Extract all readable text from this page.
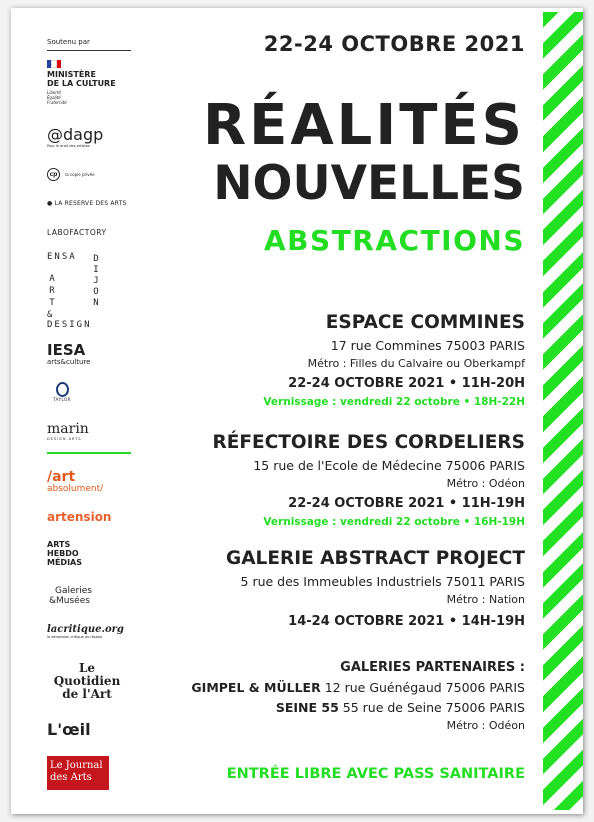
Soutenu par
MINISTÈRE
DE LA CULTURE
Liberté
Égalité
Fraternité
@dagp
Pour le droit des artistes
cp la copie privée
● LA RESERVE DES ARTS
LABOFACTORY
ENSA
ART
&
DESIGN
DIJON
IESA
arts&culture
TAYLOR
marin
DESIGN ARTS
/art
absolument/
artension
ARTS
HEBDO
MÉDIAS
Galeries
&Musées
lacritique.org
la dimension critique du réseau
Le
Quotidien
de l'Art
L'œil
Le Journal
des Arts
22-24 OCTOBRE 2021
RÉALITÉS
NOUVELLES
ABSTRACTIONS
ESPACE COMMINES
17 rue Commines 75003 PARIS
Métro : Filles du Calvaire ou Oberkampf
22-24 OCTOBRE 2021 • 11H-20H
Vernissage : vendredi 22 octobre • 18H-22H
RÉFECTOIRE DES CORDELIERS
15 rue de l'Ecole de Médecine 75006 PARIS
Métro : Odéon
22-24 OCTOBRE 2021 • 11H-19H
Vernissage : vendredi 22 octobre • 16H-19H
GALERIE ABSTRACT PROJECT
5 rue des Immeubles Industriels 75011 PARIS
Métro : Nation
14-24 OCTOBRE 2021 • 14H-19H
GALERIES PARTENAIRES :
GIMPEL & MÜLLER 12 rue Guénégaud 75006 PARIS
SEINE 55 55 rue de Seine 75006 PARIS
Métro : Odéon
ENTRÉE LIBRE AVEC PASS SANITAIRE
